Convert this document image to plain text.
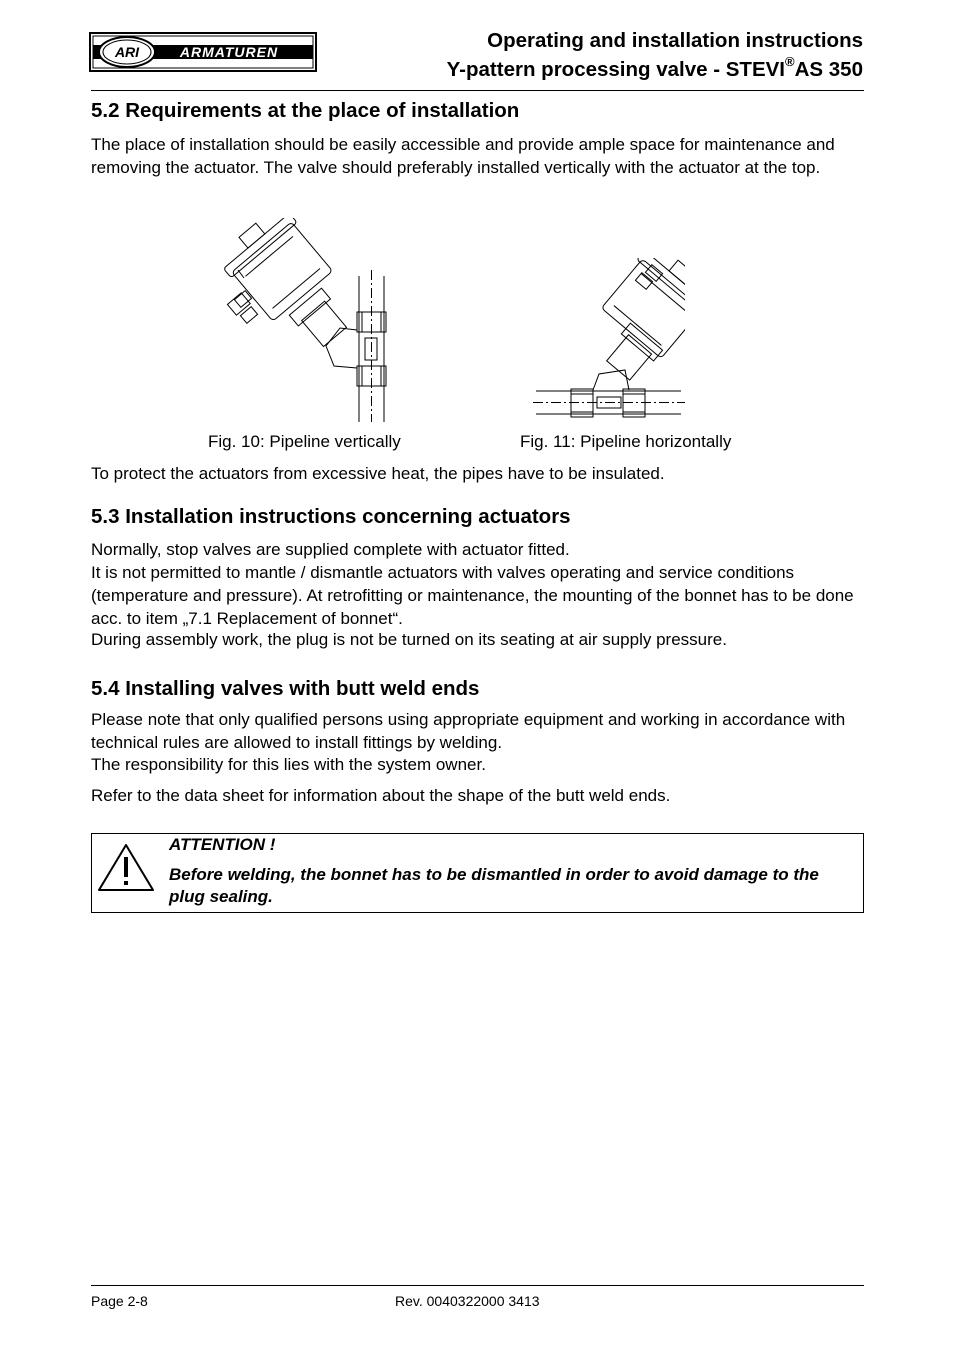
ARI	ARMATUREN	Operating and installation instructions
Y-pattern processing valve - STEVI®AS 350
5.2 Requirements at the place of installation

The place of installation should be easily accessible and provide ample space for maintenance and removing the actuator. The valve should preferably installed vertically with the actuator at the top.

Fig. 10: Pipeline vertically	Fig. 11: Pipeline horizontally

To protect the actuators from excessive heat, the pipes have to be insulated.

5.3 Installation instructions concerning actuators

Normally, stop valves are supplied complete with actuator fitted.

It is not permitted to mantle / dismantle actuators with valves operating and service conditions (temperature and pressure). At retrofitting or maintenance, the mounting of the bonnet has to be done acc. to item „7.1 Replacement of bonnet“.

During assembly work, the plug is not be turned on its seating at air supply pressure.

5.4 Installing valves with butt weld ends

Please note that only qualified persons using appropriate equipment and working in accordance with technical rules are allowed to install fittings by welding.

The responsibility for this lies with the system owner.

Refer to the data sheet for information about the shape of the butt weld ends.

ATTENTION !
Before welding, the bonnet has to be dismantled in order to avoid damage to the plug sealing.
Page 2-8	Rev. 0040322000 3413
